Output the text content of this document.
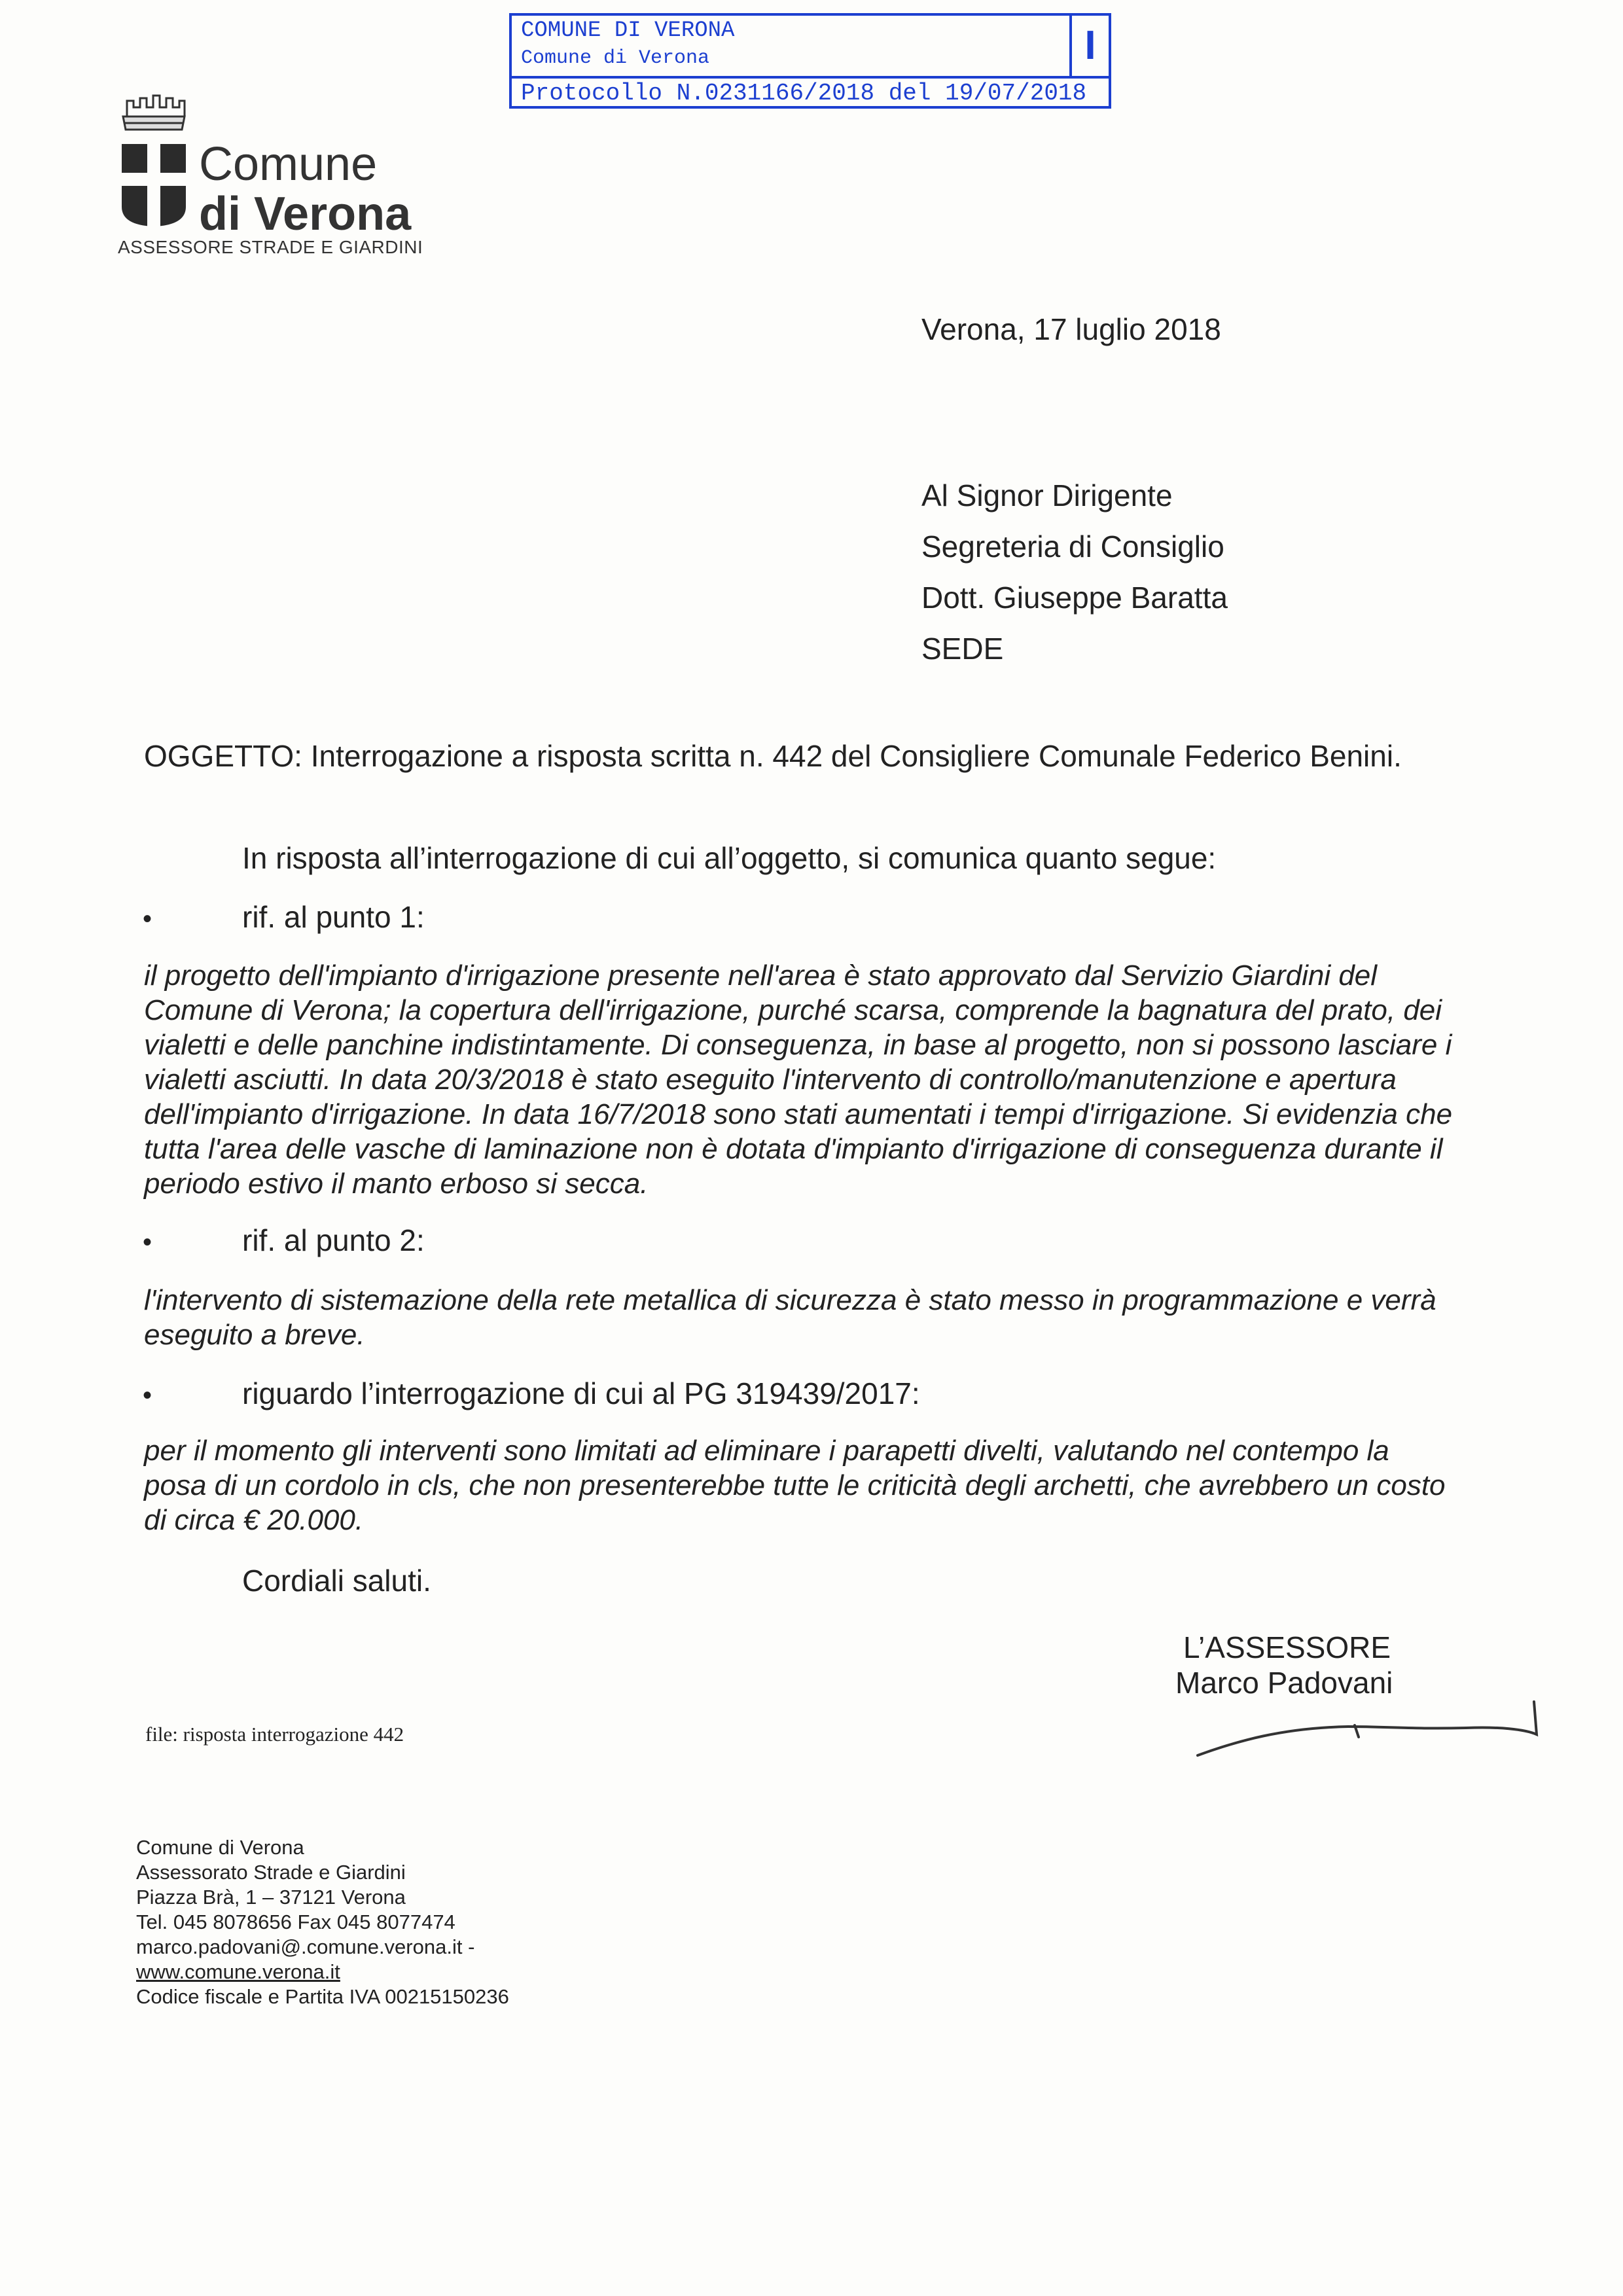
COMUNE DI VERONA
Comune di Verona	I
Protocollo N.0231166/2018 del 19/07/2018
Comune
di Verona
ASSESSORE STRADE E GIARDINI
Verona, 17 luglio 2018
Al Signor Dirigente
Segreteria di Consiglio
Dott. Giuseppe Baratta
SEDE
OGGETTO: Interrogazione a risposta scritta n. 442 del Consigliere Comunale Federico Benini.
In risposta all’interrogazione di cui all’oggetto, si comunica quanto segue:
•	rif. al punto 1:
il progetto dell'impianto d'irrigazione presente nell'area è stato approvato dal Servizio Giardini del
Comune di Verona; la copertura dell'irrigazione, purché scarsa, comprende la bagnatura del prato, dei
vialetti e delle panchine indistintamente. Di conseguenza, in base al progetto, non si possono lasciare i
vialetti asciutti. In data 20/3/2018 è stato eseguito l'intervento di controllo/manutenzione e apertura
dell'impianto d'irrigazione. In data 16/7/2018 sono stati aumentati i tempi d'irrigazione. Si evidenzia che
tutta l'area delle vasche di laminazione non è dotata d'impianto d'irrigazione di conseguenza durante il
periodo estivo il manto erboso si secca.
•	rif. al punto 2:
l'intervento di sistemazione della rete metallica di sicurezza è stato messo in programmazione e verrà
eseguito a breve.
•	riguardo l’interrogazione di cui al PG 319439/2017:
per il momento gli interventi sono limitati ad eliminare i parapetti divelti, valutando nel contempo la
posa di un cordolo in cls, che non presenterebbe tutte le criticità degli archetti, che avrebbero un costo
di circa € 20.000.
Cordiali saluti.
L’ASSESSORE
Marco Padovani
file: risposta interrogazione 442
Comune di Verona
Assessorato Strade e Giardini
Piazza Brà, 1 – 37121 Verona
Tel. 045 8078656 Fax 045 8077474
marco.padovani@.comune.verona.it -
www.comune.verona.it
Codice fiscale e Partita IVA 00215150236
